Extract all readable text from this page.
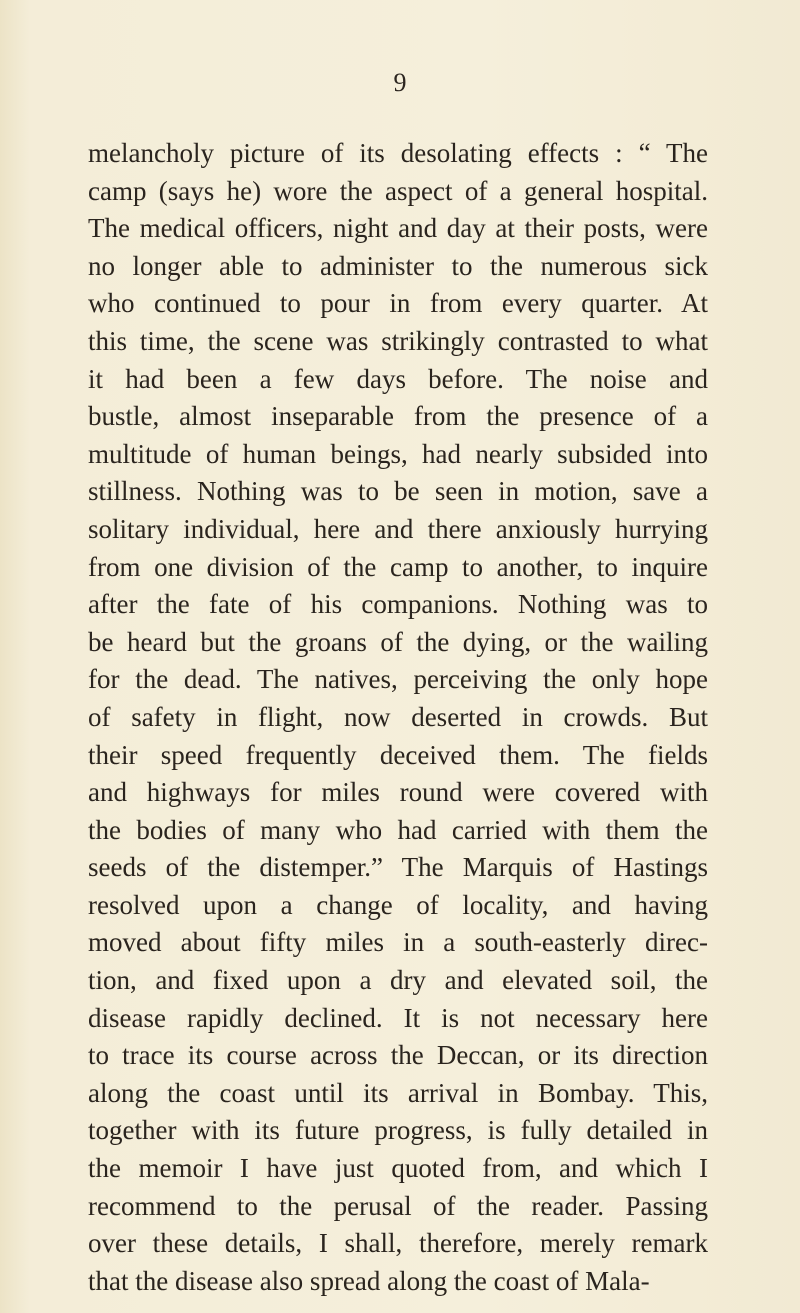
9
melancholy picture of its desolating effects : “ The
camp (says he) wore the aspect of a general hospital.
The medical officers, night and day at their posts, were
no longer able to administer to the numerous sick
who continued to pour in from every quarter. At
this time, the scene was strikingly contrasted to what
it had been a few days before. The noise and
bustle, almost inseparable from the presence of a
multitude of human beings, had nearly subsided into
stillness. Nothing was to be seen in motion, save a
solitary individual, here and there anxiously hurrying
from one division of the camp to another, to inquire
after the fate of his companions. Nothing was to
be heard but the groans of the dying, or the wailing
for the dead. The natives, perceiving the only hope
of safety in flight, now deserted in crowds. But
their speed frequently deceived them. The fields
and highways for miles round were covered with
the bodies of many who had carried with them the
seeds of the distemper.” The Marquis of Hastings
resolved upon a change of locality, and having
moved about fifty miles in a south-easterly direc-
tion, and fixed upon a dry and elevated soil, the
disease rapidly declined. It is not necessary here
to trace its course across the Deccan, or its direction
along the coast until its arrival in Bombay. This,
together with its future progress, is fully detailed in
the memoir I have just quoted from, and which I
recommend to the perusal of the reader. Passing
over these details, I shall, therefore, merely remark
that the disease also spread along the coast of Mala-
